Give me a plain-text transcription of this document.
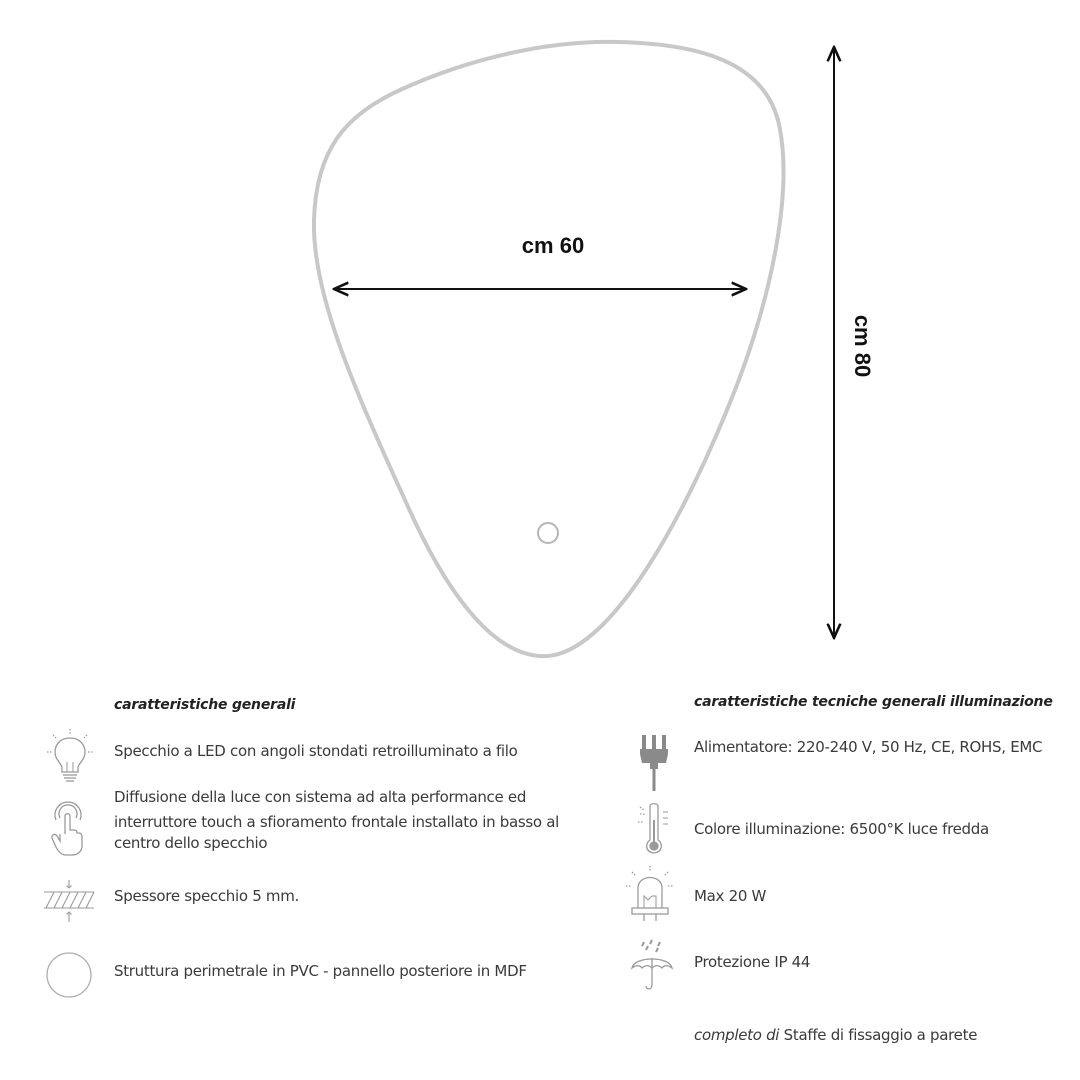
cm 60
cm 80
caratteristiche generali
Specchio a LED con angoli stondati retroilluminato a filo
Diffusione della luce con sistema ad alta performance ed
interruttore touch a sfioramento frontale installato in basso al
centro dello specchio
Spessore specchio 5 mm.
Struttura perimetrale in PVC - pannello posteriore in MDF
caratteristiche tecniche generali illuminazione
Alimentatore: 220-240 V, 50 Hz, CE, ROHS, EMC
Colore illuminazione: 6500°K luce fredda
Max 20 W
Protezione IP 44
completo di Staffe di fissaggio a parete
